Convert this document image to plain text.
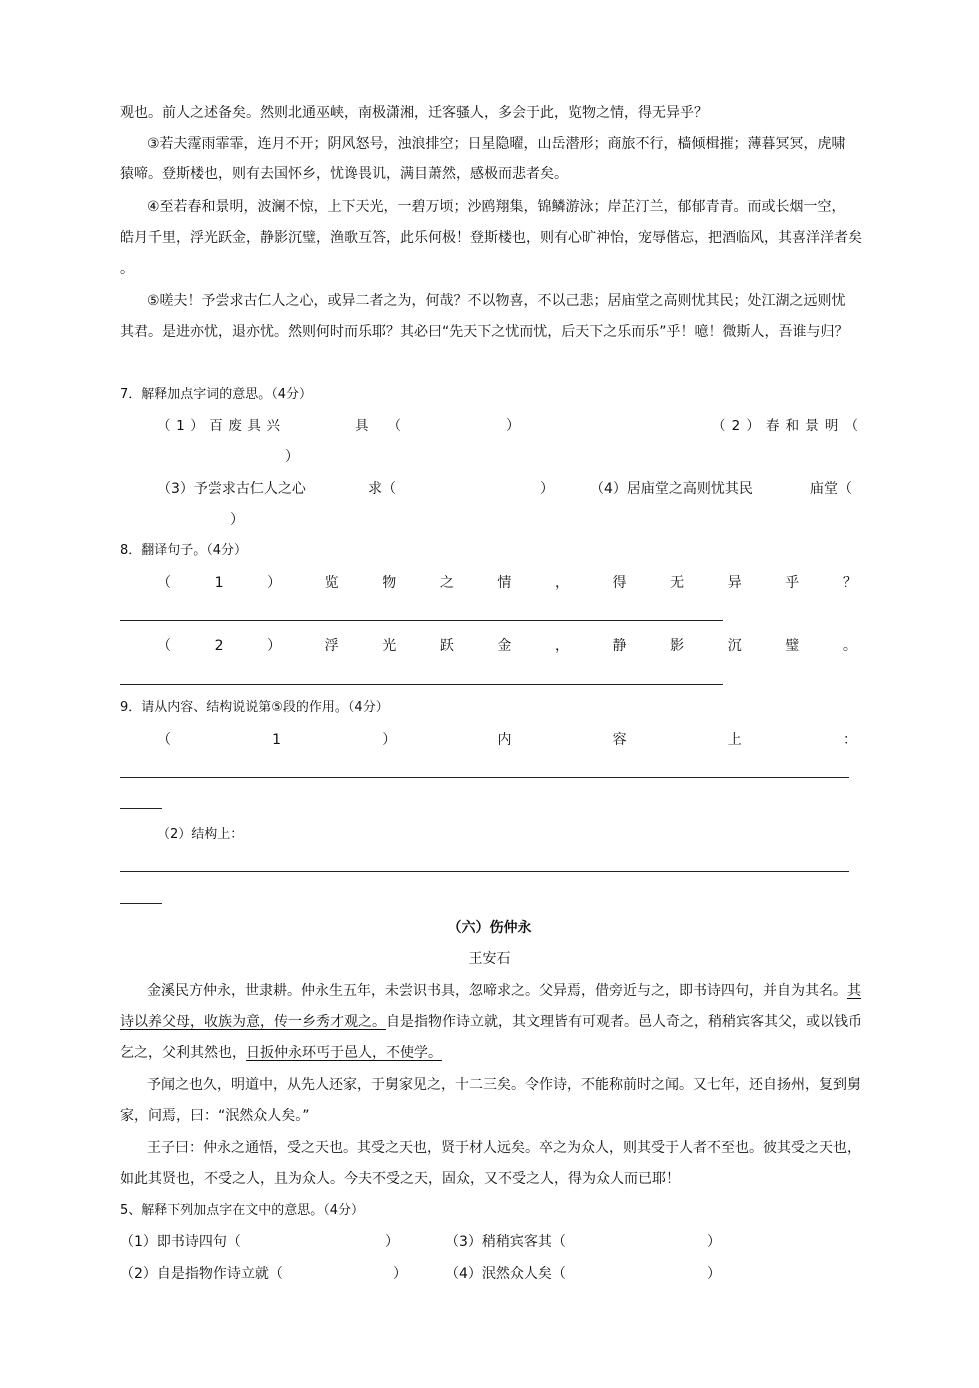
观也。前人之述备矣。然则北通巫峡，南极潇湘，迁客骚人，多会于此，览物之情，得无异乎？
③若夫霪雨霏霏，连月不开；阴风怒号，浊浪排空；日星隐曜，山岳潜形；商旅不行，樯倾楫摧；薄暮冥冥，虎啸
猿啼。登斯楼也，则有去国怀乡，忧谗畏讥，满目萧然，感极而悲者矣。
④至若春和景明，波澜不惊，上下天光，一碧万顷；沙鸥翔集，锦鳞游泳；岸芷汀兰，郁郁青青。而或长烟一空，
皓月千里，浮光跃金，静影沉璧，渔歌互答，此乐何极！登斯楼也，则有心旷神怡，宠辱偕忘，把酒临风，其喜洋洋者矣
。
⑤嗟夫！予尝求古仁人之心，或异二者之为，何哉？不以物喜，不以己悲；居庙堂之高则忧其民；处江湖之远则忧
其君。是进亦忧，退亦忧。然则何时而乐耶？其必曰“先天下之忧而忧，后天下之乐而乐”乎！噫！微斯人，吾谁与归？
7．解释加点字词的意思。（4分）
（ 1 ） 百 废 具 兴	具 （	）	（ 2 ） 春 和 景 明 （
）
（3）予尝求古仁人之心	求（	）	（4）居庙堂之高则忧其民	庙堂（
）
8．翻译句子。（4分）
（	1	）	览	物	之	情	，	得	无	异	乎	？
（	2	）	浮	光	跃	金	，	静	影	沉	璧	。
9．请从内容、结构说说第⑤段的作用。（4分）
（	1	）	内	容	上	：
（2）结构上：
（六）伤仲永
王安石
金溪民方仲永，世隶耕。仲永生五年，未尝识书具，忽啼求之。父异焉，借旁近与之，即书诗四句，并自为其名。其
诗以养父母，收族为意，传一乡秀才观之。自是指物作诗立就，其文理皆有可观者。邑人奇之，稍稍宾客其父，或以钱币
乞之，父利其然也，日扳仲永环丐于邑人，不使学。
予闻之也久，明道中，从先人还家，于舅家见之，十二三矣。令作诗，不能称前时之闻。又七年，还自扬州，复到舅
家，问焉，曰：“泯然众人矣。”
王子曰：仲永之通悟，受之天也。其受之天也，贤于材人远矣。卒之为众人，则其受于人者不至也。彼其受之天也，
如此其贤也，不受之人，且为众人。今夫不受之天，固众，又不受之人，得为众人而已耶！
5、解释下列加点字在文中的意思。（4分）
（1）即书诗四句（	）	（3）稍稍宾客其（	）
（2）自是指物作诗立就（	）	（4）泯然众人矣（	）
